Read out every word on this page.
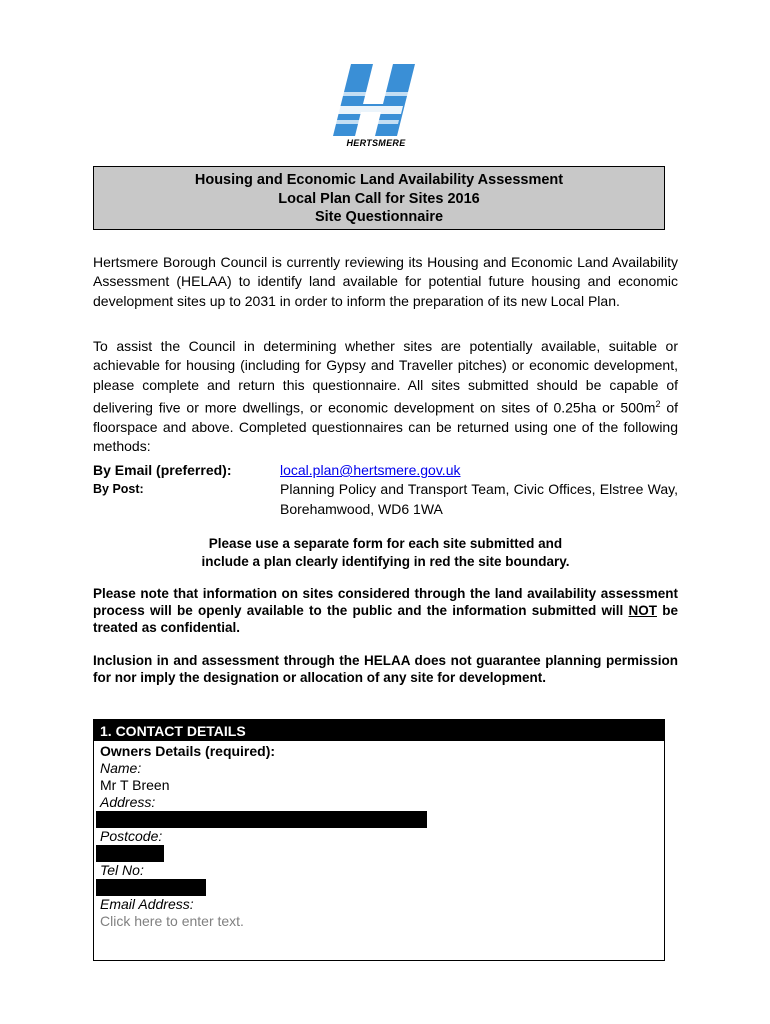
HERTSMERE
Housing and Economic Land Availability Assessment
Local Plan Call for Sites 2016
Site Questionnaire
Hertsmere Borough Council is currently reviewing its Housing and Economic Land Availability Assessment (HELAA) to identify land available for potential future housing and economic development sites up to 2031 in order to inform the preparation of its new Local Plan.
To assist the Council in determining whether sites are potentially available, suitable or achievable for housing (including for Gypsy and Traveller pitches) or economic development, please complete and return this questionnaire. All sites submitted should be capable of delivering five or more dwellings, or economic development on sites of 0.25ha or $500m^2$ of floorspace and above. Completed questionnaires can be returned using one of the following methods:
By Email (preferred):	local.plan@hertsmere.gov.uk
By Post:	Planning Policy and Transport Team, Civic Offices, Elstree Way, Borehamwood, WD6 1WA
Please use a separate form for each site submitted and
include a plan clearly identifying in red the site boundary.
Please note that information on sites considered through the land availability assessment process will be openly available to the public and the information submitted will NOT be treated as confidential.
Inclusion in and assessment through the HELAA does not guarantee planning permission for nor imply the designation or allocation of any site for development.
1. CONTACT DETAILS
Owners Details (required):
Name:
Mr T Breen
Address:
Postcode:
Tel No:
Email Address:
Click here to enter text.
